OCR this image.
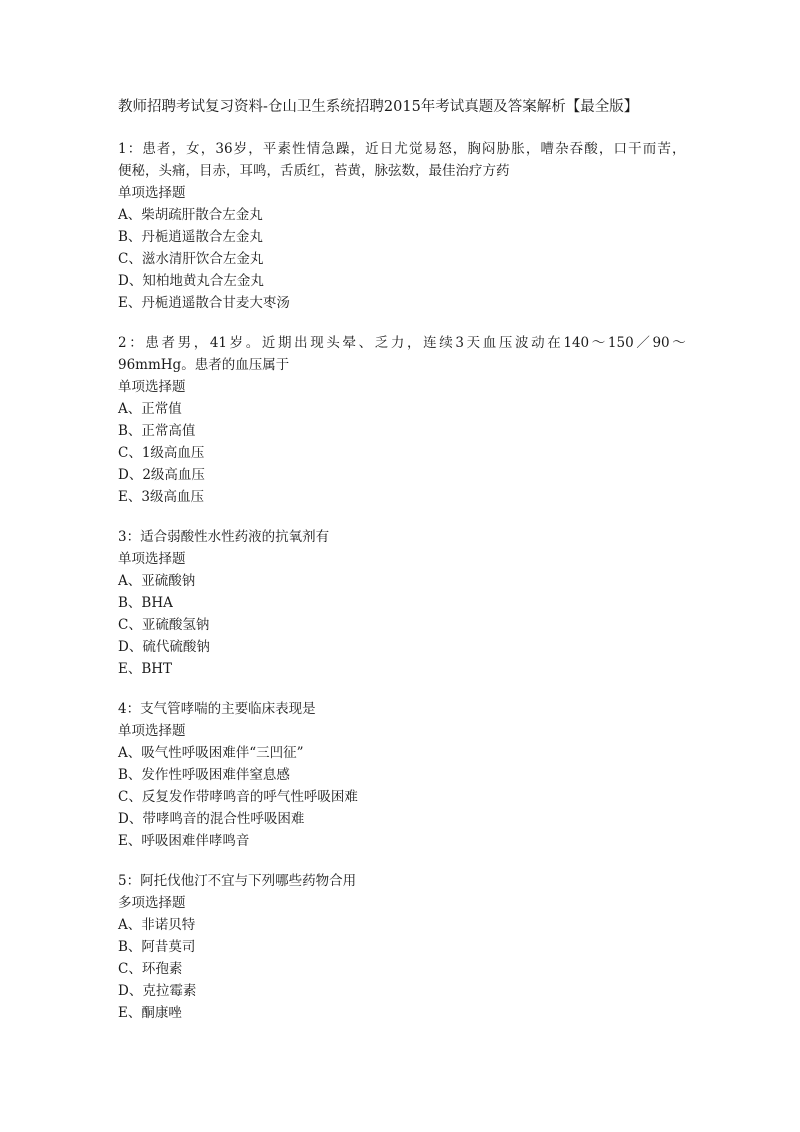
教师招聘考试复习资料-仓山卫生系统招聘2015年考试真题及答案解析【最全版】
1 ： 患 者 ， 女 ， 36 岁 ， 平 素 性 情 急 躁 ， 近 日 尤 觉 易 怒 ， 胸 闷 胁 胀 ， 嘈 杂 吞 酸 ， 口 干 而 苦 ，
便秘，头痛，目赤，耳鸣，舌质红，苔黄，脉弦数，最佳治疗方药
单项选择题
A、柴胡疏肝散合左金丸
B、丹栀逍遥散合左金丸
C、滋水清肝饮合左金丸
D、知柏地黄丸合左金丸
E、丹栀逍遥散合甘麦大枣汤
2 ： 患 者 男 ， 41 岁 。 近 期 出 现 头 晕 、 乏 力 ， 连 续 3 天 血 压 波 动 在 140 ～ 150 ／ 90 ～
96mmHg。患者的血压属于
单项选择题
A、正常值
B、正常高值
C、1级高血压
D、2级高血压
E、3级高血压
3：适合弱酸性水性药液的抗氧剂有
单项选择题
A、亚硫酸钠
B、BHA
C、亚硫酸氢钠
D、硫代硫酸钠
E、BHT
4：支气管哮喘的主要临床表现是
单项选择题
A、吸气性呼吸困难伴“三凹征”
B、发作性呼吸困难伴窒息感
C、反复发作带哮鸣音的呼气性呼吸困难
D、带哮鸣音的混合性呼吸困难
E、呼吸困难伴哮鸣音
5：阿托伐他汀不宜与下列哪些药物合用
多项选择题
A、非诺贝特
B、阿昔莫司
C、环孢素
D、克拉霉素
E、酮康唑
